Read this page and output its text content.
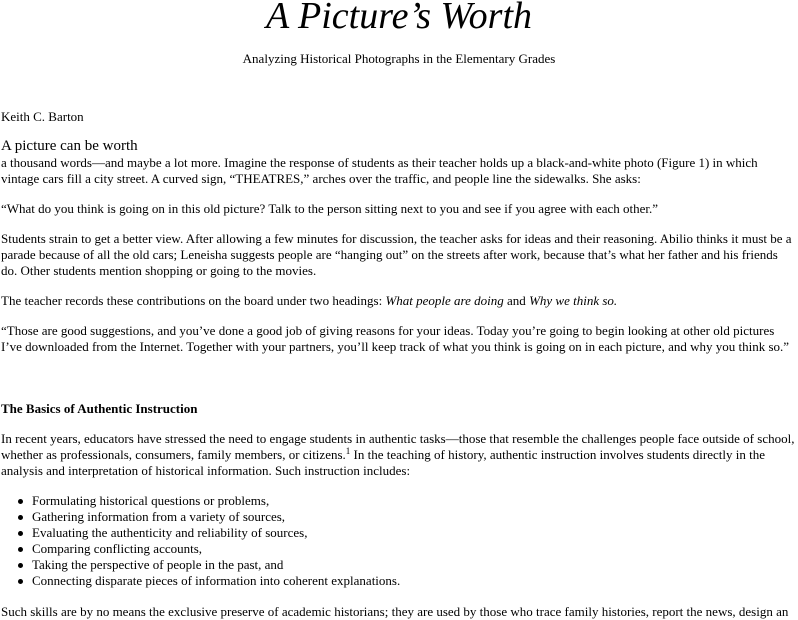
A Picture’s Worth

Analyzing Historical Photographs in the Elementary Grades

Keith C. Barton

A picture can be worth

a thousand words—and maybe a lot more. Imagine the response of students as their teacher holds up a black-and-white photo (Figure 1) in which vintage cars fill a city street. A curved sign, “THEATRES,” arches over the traffic, and people line the sidewalks. She asks:

“What do you think is going on in this old picture? Talk to the person sitting next to you and see if you agree with each other.”

Students strain to get a better view. After allowing a few minutes for discussion, the teacher asks for ideas and their reasoning. Abilio thinks it must be a parade because of all the old cars; Leneisha suggests people are “hanging out” on the streets after work, because that’s what her father and his friends do. Other students mention shopping or going to the movies.

The teacher records these contributions on the board under two headings: What people are doing and Why we think so.

“Those are good suggestions, and you’ve done a good job of giving reasons for your ideas. Today you’re going to begin looking at other old pictures I’ve downloaded from the Internet. Together with your partners, you’ll keep track of what you think is going on in each picture, and why you think so.”

The Basics of Authentic Instruction

In recent years, educators have stressed the need to engage students in authentic tasks—those that resemble the challenges people face outside of school, whether as professionals, consumers, family members, or citizens.$^1$ In the teaching of history, authentic instruction involves students directly in the analysis and interpretation of historical information. Such instruction includes:

Formulating historical questions or problems,
Gathering information from a variety of sources,
Evaluating the authenticity and reliability of sources,
Comparing conflicting accounts,
Taking the perspective of people in the past, and
Connecting disparate pieces of information into coherent explanations.

Such skills are by no means the exclusive preserve of academic historians; they are used by those who trace family histories, report the news, design an
